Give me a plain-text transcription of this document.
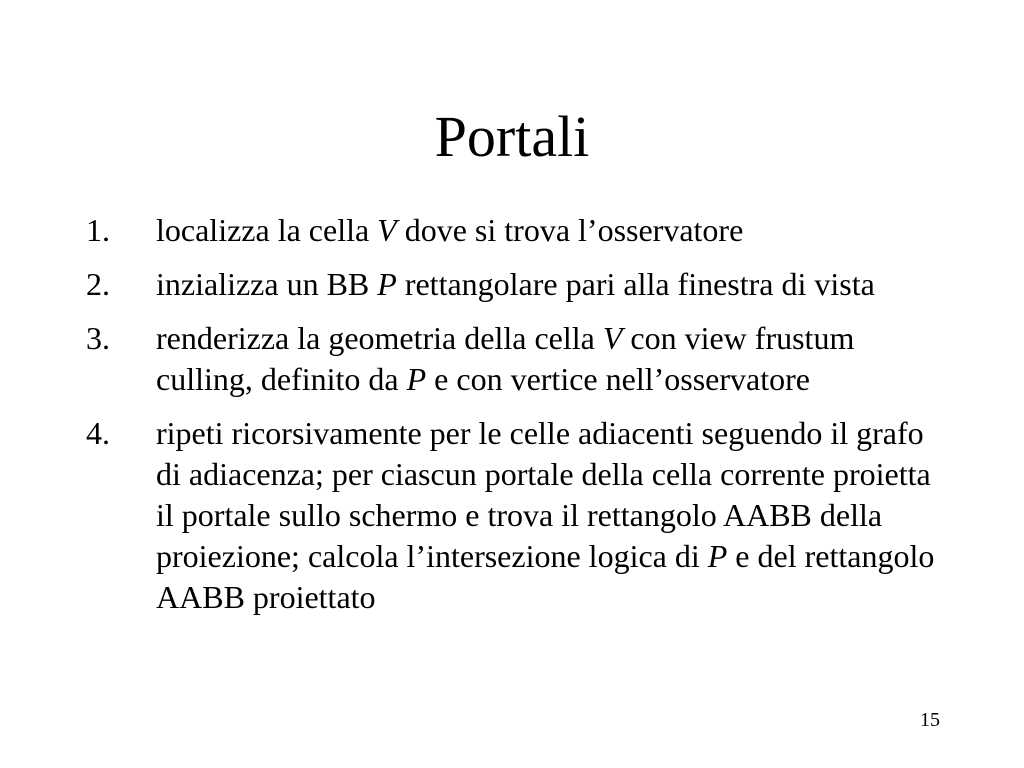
Portali
1.	localizza la cella V dove si trova l’osservatore
2.	inzializza un BB P rettangolare pari alla finestra di vista
3.	renderizza la geometria della cella V con view frustum culling, definito da P e con vertice nell’osservatore
4.	ripeti ricorsivamente per le celle adiacenti seguendo il grafo di adiacenza; per ciascun portale della cella corrente proietta il portale sullo schermo e trova il rettangolo AABB della proiezione; calcola l’intersezione logica di P e del rettangolo AABB proiettato
15
